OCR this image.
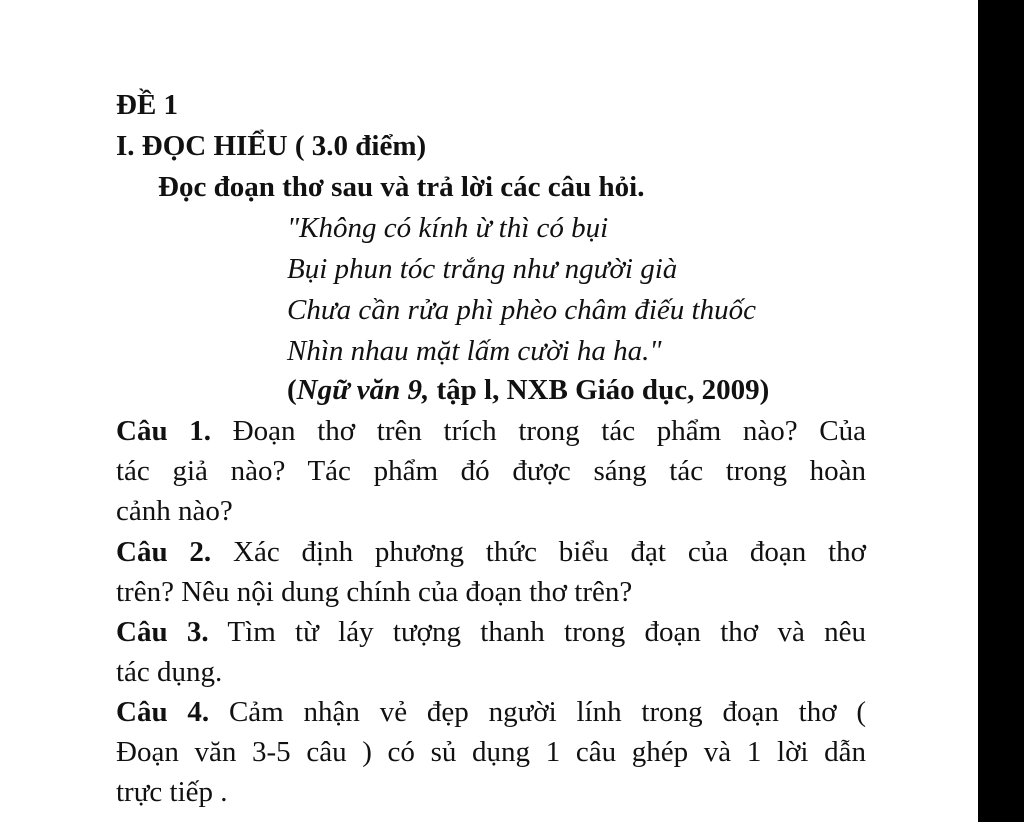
ĐỀ 1
I. ĐỌC HIỂU ( 3.0 điểm)
Đọc đoạn thơ sau và trả lời các câu hỏi.
"Không có kính ừ thì có bụi
Bụi phun tóc trắng như người già
Chưa cần rửa phì phèo châm điếu thuốc
Nhìn nhau mặt lấm cười ha ha."
(Ngữ văn 9, tập l, NXB Giáo dục, 2009)
Câu 1. Đoạn thơ trên trích trong tác phẩm nào? Của
tác giả nào? Tác phẩm đó được sáng tác trong hoàn
cảnh nào?
Câu 2. Xác định phương thức biểu đạt của đoạn thơ
trên? Nêu nội dung chính của đoạn thơ trên?
Câu 3. Tìm từ láy tượng thanh trong đoạn thơ và nêu
tác dụng.
Câu 4. Cảm nhận vẻ đẹp người lính trong đoạn thơ (
Đoạn văn 3-5 câu ) có sủ dụng 1 câu ghép và 1 lời dẫn
trực tiếp .
